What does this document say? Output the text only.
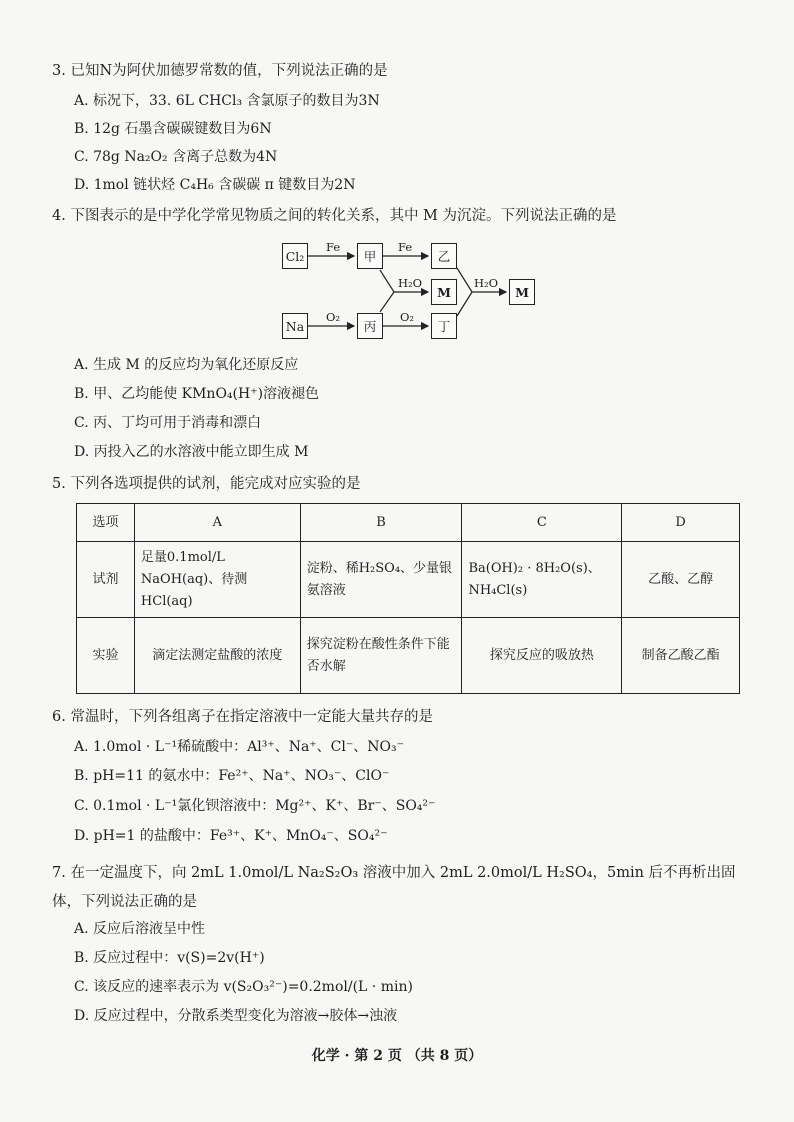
3. 已知N为阿伏加德罗常数的值，下列说法正确的是
A. 标况下，33. 6L CHCl₃ 含氯原子的数目为3N
B. 12g 石墨含碳碳键数目为6N
C. 78g Na₂O₂ 含离子总数为4N
D. 1mol 链状烃 C₄H₆ 含碳碳 π 键数目为2N
4. 下图表示的是中学化学常见物质之间的转化关系，其中 M 为沉淀。下列说法正确的是
Cl₂	甲	乙
M	M
Na	丙	丁
Fe	Fe
H₂O	H₂O
O₂	O₂
A. 生成 M 的反应均为氧化还原反应
B. 甲、乙均能使 KMnO₄(H⁺)溶液褪色
C. 丙、丁均可用于消毒和漂白
D. 丙投入乙的水溶液中能立即生成 M
5. 下列各选项提供的试剂，能完成对应实验的是
选项	A	B	C	D
试剂	足量0.1mol/L NaOH(aq)、待测HCl(aq)	淀粉、稀H₂SO₄、少量银氨溶液	Ba(OH)₂ · 8H₂O(s)、NH₄Cl(s)	乙酸、乙醇
实验	滴定法测定盐酸的浓度	探究淀粉在酸性条件下能否水解	探究反应的吸放热	制备乙酸乙酯
6. 常温时，下列各组离子在指定溶液中一定能大量共存的是
A. 1.0mol · L⁻¹稀硫酸中：Al³⁺、Na⁺、Cl⁻、NO₃⁻
B. pH=11 的氨水中：Fe²⁺、Na⁺、NO₃⁻、ClO⁻
C. 0.1mol · L⁻¹氯化钡溶液中：Mg²⁺、K⁺、Br⁻、SO₄²⁻
D. pH=1 的盐酸中：Fe³⁺、K⁺、MnO₄⁻、SO₄²⁻
7. 在一定温度下，向 2mL 1.0mol/L Na₂S₂O₃ 溶液中加入 2mL 2.0mol/L H₂SO₄，5min 后不再析出固体，下列说法正确的是
A. 反应后溶液呈中性
B. 反应过程中：v(S)=2v(H⁺)
C. 该反应的速率表示为 v(S₂O₃²⁻)=0.2mol/(L · min)
D. 反应过程中，分散系类型变化为溶液→胶体→浊液
化学 · 第 2 页 （共 8 页）
